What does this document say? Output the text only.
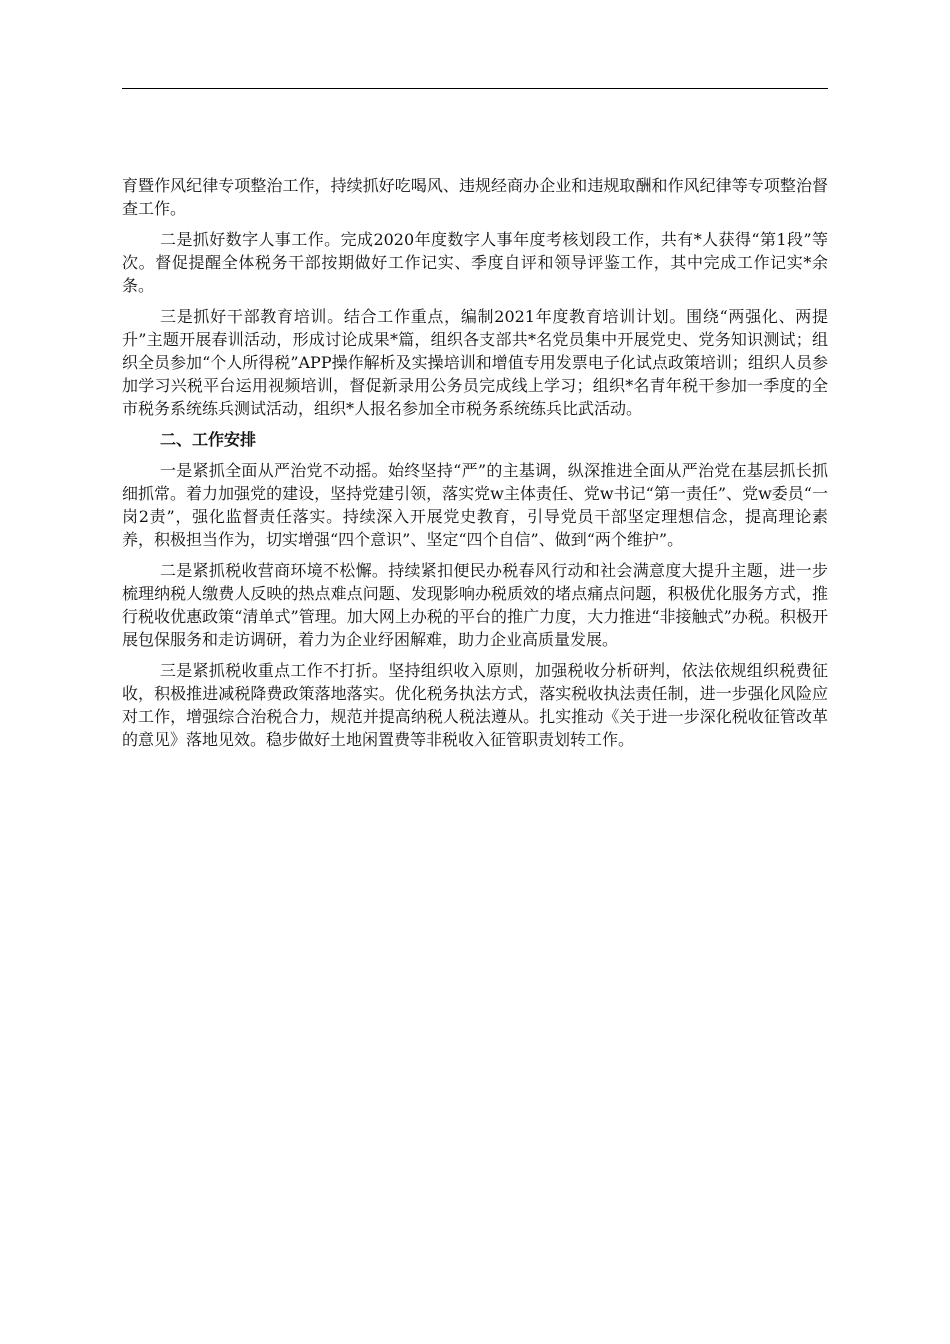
育暨作风纪律专项整治工作，持续抓好吃喝风、违规经商办企业和违规取酬和作风纪律等专项整治督查工作。

二是抓好数字人事工作。完成2020年度数字人事年度考核划段工作，共有*人获得“第1段”等次。督促提醒全体税务干部按期做好工作记实、季度自评和领导评鉴工作，其中完成工作记实*余条。

三是抓好干部教育培训。结合工作重点，编制2021年度教育培训计划。围绕“两强化、两提升”主题开展春训活动，形成讨论成果*篇，组织各支部共*名党员集中开展党史、党务知识测试；组织全员参加“个人所得税”APP操作解析及实操培训和增值专用发票电子化试点政策培训；组织人员参加学习兴税平台运用视频培训，督促新录用公务员完成线上学习；组织*名青年税干参加一季度的全市税务系统练兵测试活动，组织*人报名参加全市税务系统练兵比武活动。

二、工作安排

一是紧抓全面从严治党不动摇。始终坚持“严”的主基调，纵深推进全面从严治党在基层抓长抓细抓常。着力加强党的建设，坚持党建引领，落实党w主体责任、党w书记“第一责任”、党w委员“一岗2责”，强化监督责任落实。持续深入开展党史教育，引导党员干部坚定理想信念，提高理论素养，积极担当作为，切实增强“四个意识”、坚定“四个自信”、做到“两个维护”。

二是紧抓税收营商环境不松懈。持续紧扣便民办税春风行动和社会满意度大提升主题，进一步梳理纳税人缴费人反映的热点难点问题、发现影响办税质效的堵点痛点问题，积极优化服务方式，推行税收优惠政策“清单式”管理。加大网上办税的平台的推广力度，大力推进“非接触式”办税。积极开展包保服务和走访调研，着力为企业纾困解难，助力企业高质量发展。

三是紧抓税收重点工作不打折。坚持组织收入原则，加强税收分析研判，依法依规组织税费征收，积极推进减税降费政策落地落实。优化税务执法方式，落实税收执法责任制，进一步强化风险应对工作，增强综合治税合力，规范并提高纳税人税法遵从。扎实推动《关于进一步深化税收征管改革的意见》落地见效。稳步做好土地闲置费等非税收入征管职责划转工作。
